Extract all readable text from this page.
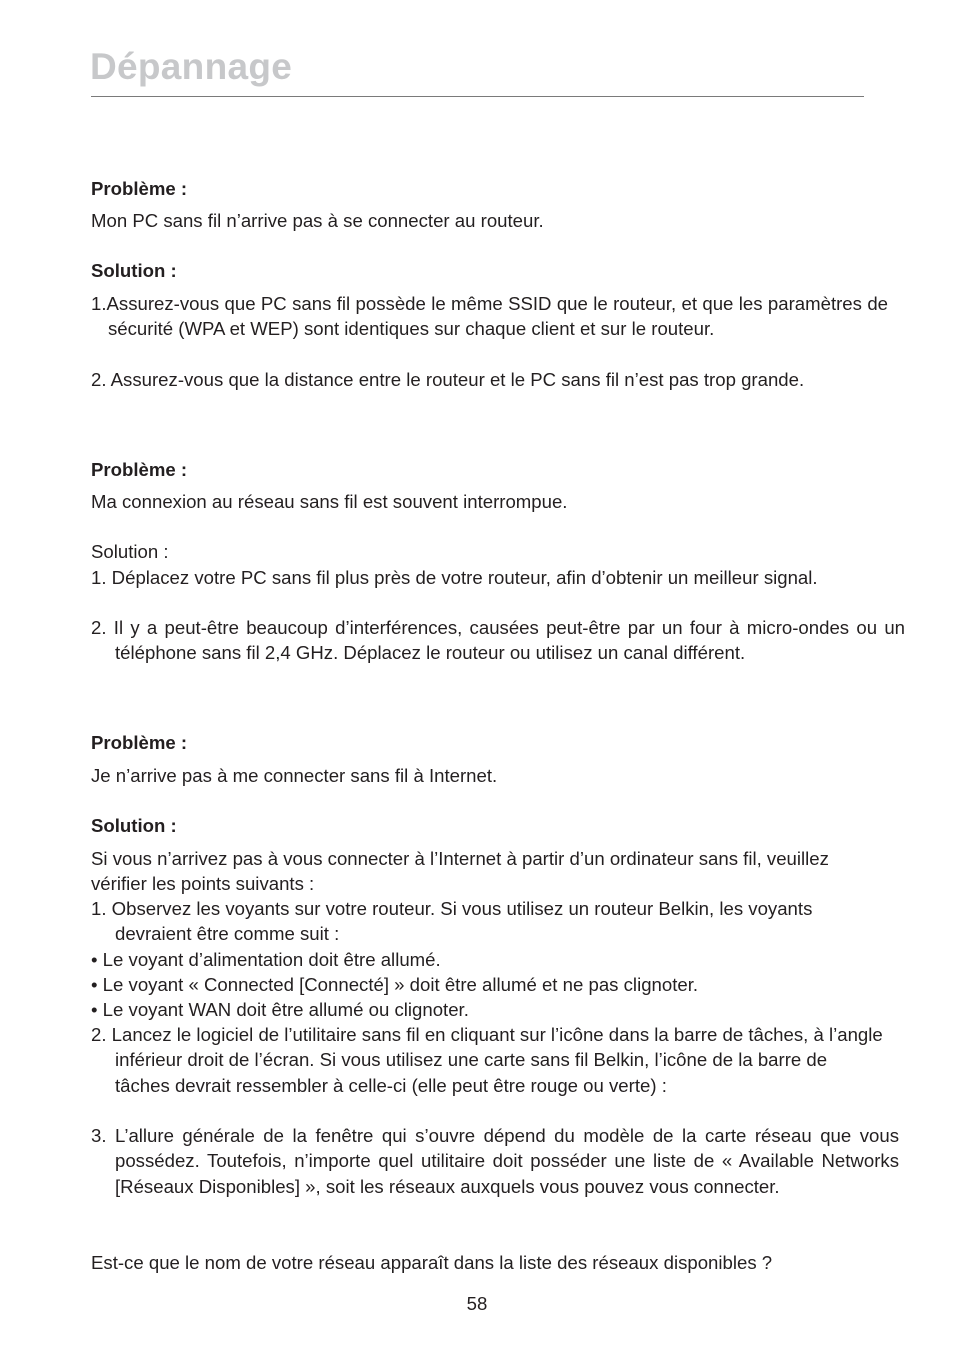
Dépannage
Problème :
Mon PC sans fil n’arrive pas à se connecter au routeur.
Solution :
1.Assurez-vous que PC sans fil possède le même SSID que le routeur, et que les paramètres de sécurité (WPA et WEP) sont identiques sur chaque client et sur le routeur.
2. Assurez-vous que la distance entre le routeur et le PC sans fil n’est pas trop grande.
Problème :
Ma connexion au réseau sans fil est souvent interrompue.
Solution :
1. Déplacez votre PC sans fil plus près de votre routeur, afin d’obtenir un meilleur signal.
2. Il y a peut-être beaucoup d’interférences, causées peut-être par un four à micro-ondes ou un téléphone sans fil 2,4 GHz. Déplacez le routeur ou utilisez un canal différent.
Problème :
Je n’arrive pas à me connecter sans fil à Internet.
Solution :
Si vous n’arrivez pas à vous connecter à l’Internet à partir d’un ordinateur sans fil, veuillez vérifier les points suivants :
1. Observez les voyants sur votre routeur. Si vous utilisez un routeur Belkin, les voyants devraient être comme suit :
• Le voyant d’alimentation doit être allumé.
• Le voyant « Connected [Connecté] » doit être allumé et ne pas clignoter.
• Le voyant WAN doit être allumé ou clignoter.
2. Lancez le logiciel de l’utilitaire sans fil en cliquant sur l’icône dans la barre de tâches, à l’angle inférieur droit de l’écran. Si vous utilisez une carte sans fil Belkin, l’icône de la barre de tâches devrait ressembler à celle-ci (elle peut être rouge ou verte) :
3. L’allure générale de la fenêtre qui s’ouvre dépend du modèle de la carte réseau que vous possédez. Toutefois, n’importe quel utilitaire doit posséder une liste de « Available Networks [Réseaux Disponibles] », soit les réseaux auxquels vous pouvez vous connecter.
Est-ce que le nom de votre réseau apparaît dans la liste des réseaux disponibles ?
58
